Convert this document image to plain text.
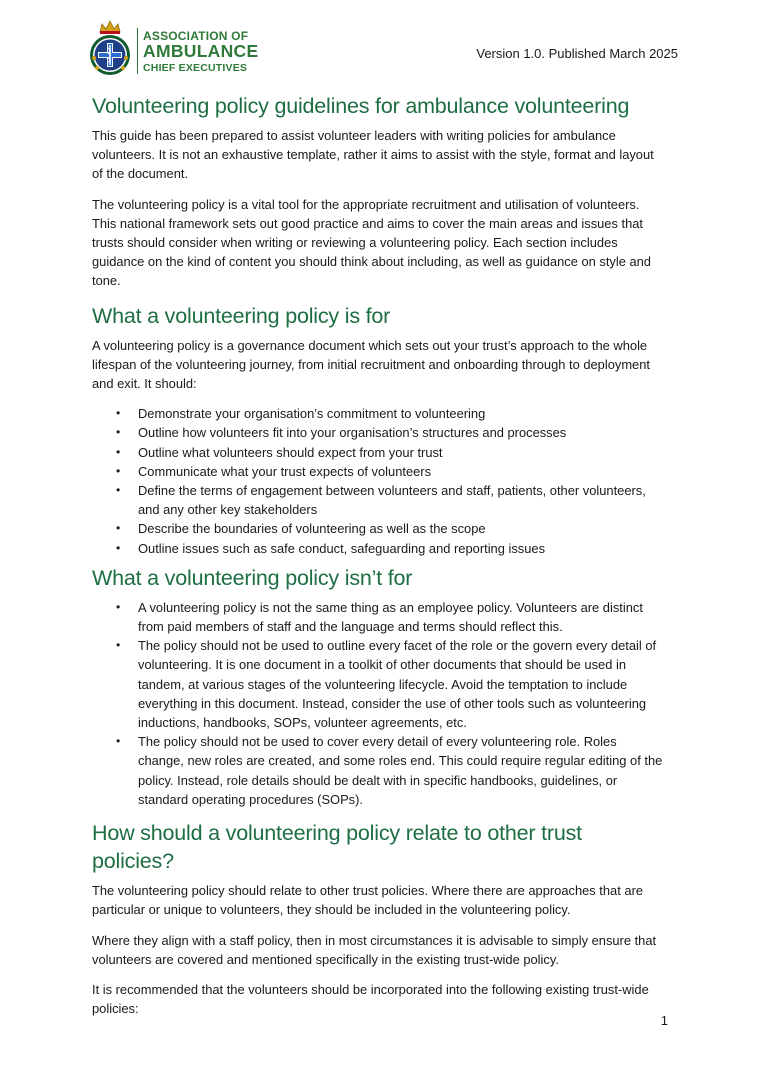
ASSOCIATION OF
AMBULANCE
CHIEF EXECUTIVES
Version 1.0. Published March 2025
Volunteering policy guidelines for ambulance volunteering

This guide has been prepared to assist volunteer leaders with writing policies for ambulance volunteers. It is not an exhaustive template, rather it aims to assist with the style, format and layout of the document.

The volunteering policy is a vital tool for the appropriate recruitment and utilisation of volunteers. This national framework sets out good practice and aims to cover the main areas and issues that trusts should consider when writing or reviewing a volunteering policy. Each section includes guidance on the kind of content you should think about including, as well as guidance on style and tone.

What a volunteering policy is for

A volunteering policy is a governance document which sets out your trust’s approach to the whole lifespan of the volunteering journey, from initial recruitment and onboarding through to deployment and exit. It should:

• Demonstrate your organisation’s commitment to volunteering
• Outline how volunteers fit into your organisation’s structures and processes
• Outline what volunteers should expect from your trust
• Communicate what your trust expects of volunteers
• Define the terms of engagement between volunteers and staff, patients, other volunteers, and any other key stakeholders
• Describe the boundaries of volunteering as well as the scope
• Outline issues such as safe conduct, safeguarding and reporting issues
What a volunteering policy isn’t for
• A volunteering policy is not the same thing as an employee policy. Volunteers are distinct from paid members of staff and the language and terms should reflect this.
• The policy should not be used to outline every facet of the role or the govern every detail of volunteering. It is one document in a toolkit of other documents that should be used in tandem, at various stages of the volunteering lifecycle. Avoid the temptation to include everything in this document. Instead, consider the use of other tools such as volunteering inductions, handbooks, SOPs, volunteer agreements, etc.
• The policy should not be used to cover every detail of every volunteering role. Roles change, new roles are created, and some roles end. This could require regular editing of the policy. Instead, role details should be dealt with in specific handbooks, guidelines, or standard operating procedures (SOPs).
How should a volunteering policy relate to other trust policies?

The volunteering policy should relate to other trust policies. Where there are approaches that are particular or unique to volunteers, they should be included in the volunteering policy.

Where they align with a staff policy, then in most circumstances it is advisable to simply ensure that volunteers are covered and mentioned specifically in the existing trust-wide policy.

It is recommended that the volunteers should be incorporated into the following existing trust-wide policies:

1
